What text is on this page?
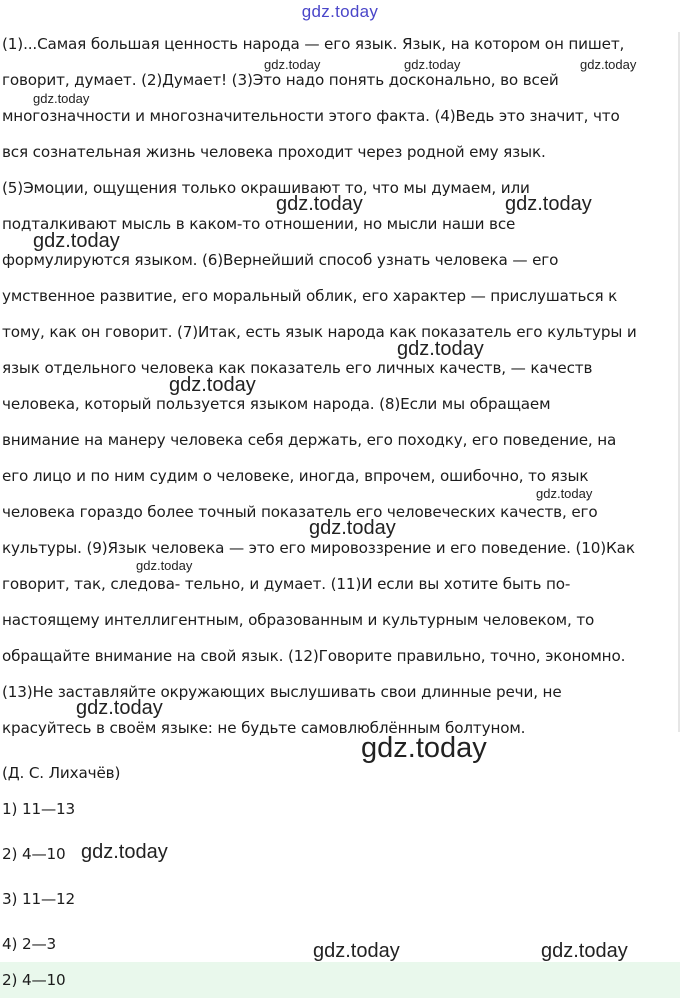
gdz.today
(1)...Самая большая ценность народа — его язык. Язык, на котором он пишет,
говорит, думает. (2)Думает! (3)Это надо понять досконально, во всей
многозначности и многозначительности этого факта. (4)Ведь это значит, что
вся сознательная жизнь человека проходит через родной ему язык.
(5)Эмоции, ощущения только окрашивают то, что мы думаем, или
подталкивают мысль в каком-то отношении, но мысли наши все
формулируются языком. (6)Вернейший способ узнать человека — его
умственное развитие, его моральный облик, его характер — прислушаться к
тому, как он говорит. (7)Итак, есть язык народа как показатель его культуры и
язык отдельного человека как показатель его личных качеств, — качеств
человека, который пользуется языком народа. (8)Если мы обращаем
внимание на манеру человека себя держать, его походку, его поведение, на
его лицо и по ним судим о человеке, иногда, впрочем, ошибочно, то язык
человека гораздо более точный показатель его человеческих качеств, его
культуры. (9)Язык человека — это его мировоззрение и его поведение. (10)Как
говорит, так, следова- тельно, и думает. (11)И если вы хотите быть по-
настоящему интеллигентным, образованным и культурным человеком, то
обращайте внимание на свой язык. (12)Говорите правильно, точно, экономно.
(13)Не заставляйте окружающих выслушивать свои длинные речи, не
красуйтесь в своём языке: не будьте самовлюблённым болтуном.
(Д. С. Лихачёв)
1) 11—13
2) 4—10
3) 11—12
4) 2—3
2) 4—10
gdz.today	gdz.today	gdz.today
gdz.today
gdz.today	gdz.today
gdz.today
gdz.today
gdz.today
gdz.today
gdz.today
gdz.today
gdz.today
gdz.today
gdz.today
gdz.today	gdz.today
